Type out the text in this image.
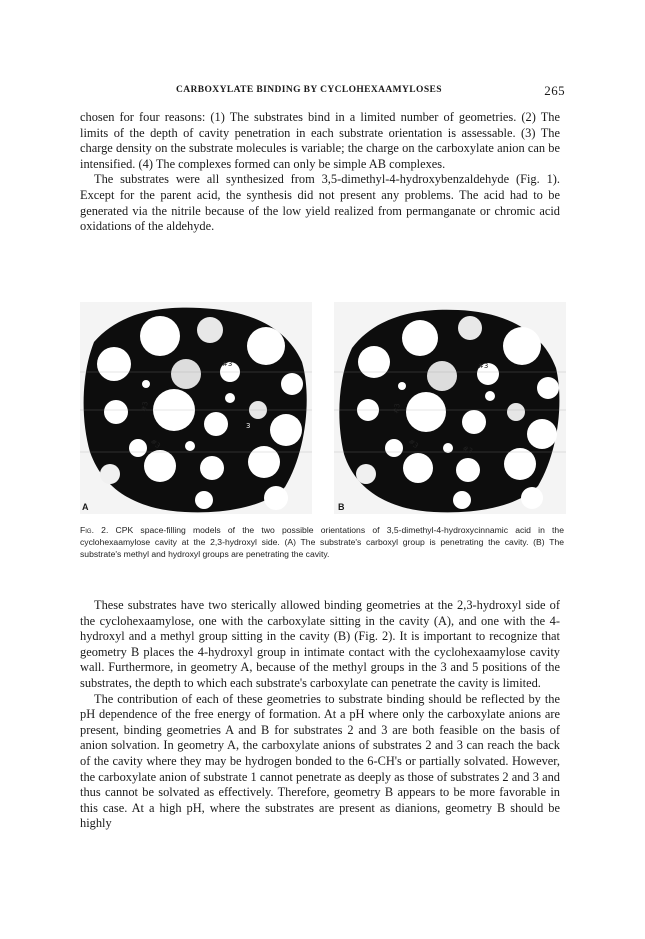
CARBOXYLATE BINDING BY CYCLOHEXAAMYLOSES	265

chosen for four reasons: (1) The substrates bind in a limited number of geometries. (2) The limits of the depth of cavity penetration in each substrate orientation is assessable. (3) The charge density on the substrate molecules is variable; the charge on the carboxylate anion can be intensified. (4) The complexes formed can only be simple AB complexes.

The substrates were all synthesized from 3,5-dimethyl-4-hydroxybenzaldehyde (Fig. 1). Except for the parent acid, the synthesis did not present any problems. The acid had to be generated via the nitrile because of the low yield realized from permanganate or chromic acid oxidations of the aldehyde.

#3
#3
#3
3
A
#3
#3
#3	#3
B
Fig. 2. CPK space-filling models of the two possible orientations of 3,5-dimethyl-4-hydroxycinnamic acid in the cyclohexaamylose cavity at the 2,3-hydroxyl side. (A) The substrate's carboxyl group is penetrating the cavity. (B) The substrate's methyl and hydroxyl groups are penetrating the cavity.

These substrates have two sterically allowed binding geometries at the 2,3-hydroxyl side of the cyclohexaamylose, one with the carboxylate sitting in the cavity (A), and one with the 4-hydroxyl and a methyl group sitting in the cavity (B) (Fig. 2). It is important to recognize that geometry B places the 4-hydroxyl group in intimate contact with the cyclohexaamylose cavity wall. Furthermore, in geometry A, because of the methyl groups in the 3 and 5 positions of the substrates, the depth to which each substrate's carboxylate can penetrate the cavity is limited.

The contribution of each of these geometries to substrate binding should be reflected by the pH dependence of the free energy of formation. At a pH where only the carboxylate anions are present, binding geometries A and B for substrates 2 and 3 are both feasible on the basis of anion solvation. In geometry A, the carboxylate anions of substrates 2 and 3 can reach the back of the cavity where they may be hydrogen bonded to the 6-CH's or partially solvated. However, the carboxylate anion of substrate 1 cannot penetrate as deeply as those of substrates 2 and 3 and thus cannot be solvated as effectively. Therefore, geometry B appears to be more favorable in this case. At a high pH, where the substrates are present as dianions, geometry B should be highly
